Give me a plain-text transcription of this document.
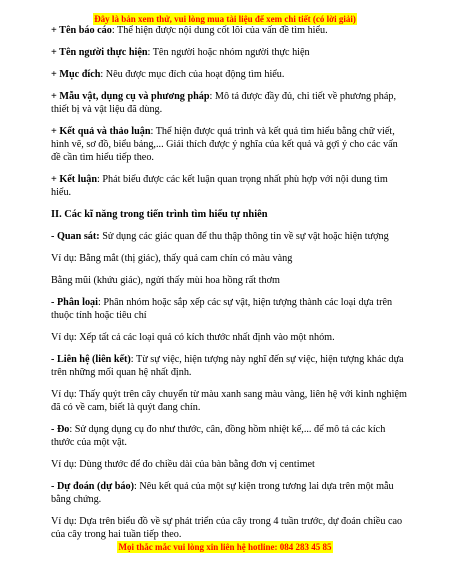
Đây là bản xem thử, vui lòng mua tài liệu để xem chi tiết (có lời giải)

+ Tên báo cáo: Thể hiện được nội dung cốt lõi của vấn đề tìm hiểu.

+ Tên người thực hiện: Tên người hoặc nhóm người thực hiện

+ Mục đích: Nêu được mục đích của hoạt động tìm hiểu.

+ Mẫu vật, dụng cụ và phương pháp: Mô tả được đầy đủ, chi tiết về phương pháp, thiết bị và vật liệu đã dùng.

+ Kết quả và thảo luận: Thể hiện được quá trình và kết quả tìm hiểu bằng chữ viết, hình vẽ, sơ đồ, biểu bảng,... Giải thích được ý nghĩa của kết quả và gợi ý cho các vấn đề cần tìm hiểu tiếp theo.

+ Kết luận: Phát biểu được các kết luận quan trọng nhất phù hợp với nội dung tìm hiểu.

II. Các kĩ năng trong tiến trình tìm hiểu tự nhiên

- Quan sát: Sử dụng các giác quan để thu thập thông tin về sự vật hoặc hiện tượng

Ví dụ: Bằng mắt (thị giác), thấy quả cam chín có màu vàng

Bằng mũi (khứu giác), ngửi thấy mùi hoa hồng rất thơm

- Phân loại: Phân nhóm hoặc sắp xếp các sự vật, hiện tượng thành các loại dựa trên thuộc tính hoặc tiêu chí

Ví dụ: Xếp tất cả các loại quả có kích thước nhất định vào một nhóm.

- Liên hệ (liên kết): Từ sự việc, hiện tượng này nghĩ đến sự việc, hiện tượng khác dựa trên những mối quan hệ nhất định.

Ví dụ: Thấy quýt trên cây chuyển từ màu xanh sang màu vàng, liên hệ với kinh nghiệm đã có về cam, biết là quýt đang chín.

- Đo: Sử dụng dụng cụ đo như thước, cân, đồng hồm nhiệt kế,... để mô tả các kích thước của một vật.

Ví dụ: Dùng thước để đo chiều dài của bàn bằng đơn vị centimet

- Dự đoán (dự báo): Nêu kết quả của một sự kiện trong tương lai dựa trên một mẫu bằng chứng.

Ví dụ: Dựa trên biểu đồ về sự phát triển của cây trong 4 tuần trước, dự đoán chiều cao của cây trong hai tuần tiếp theo.

Mọi thắc mắc vui lòng xin liên hệ hotline: 084 283 45 85
